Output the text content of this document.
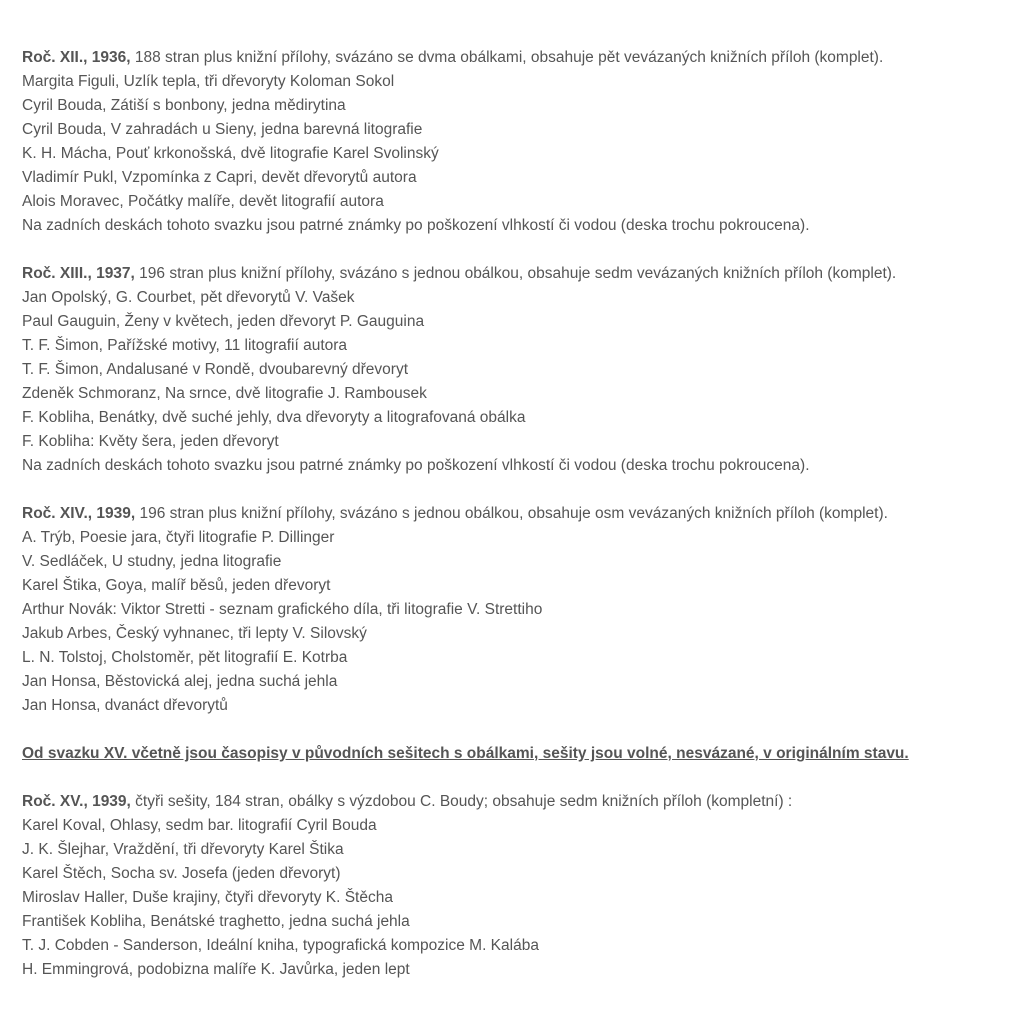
Roč. XII., 1936, 188 stran plus knižní přílohy, svázáno se dvma obálkami, obsahuje pět vevázaných knižních příloh (komplet).
Margita Figuli, Uzlík tepla, tři dřevoryty Koloman Sokol
Cyril Bouda, Zátiší s bonbony, jedna mědirytina
Cyril Bouda, V zahradách u Sieny, jedna barevná litografie
K. H. Mácha, Pouť krkonošská, dvě litografie Karel Svolinský
Vladimír Pukl, Vzpomínka z Capri, devět dřevorytů autora
Alois Moravec, Počátky malíře, devět litografií autora
Na zadních deskách tohoto svazku jsou patrné známky po poškození vlhkostí či vodou (deska trochu pokroucena).
Roč. XIII., 1937, 196 stran plus knižní přílohy, svázáno s jednou obálkou, obsahuje sedm vevázaných knižních příloh (komplet).
Jan Opolský, G. Courbet, pět dřevorytů V. Vašek
Paul Gauguin, Ženy v květech, jeden dřevoryt P. Gauguina
T. F. Šimon, Pařížské motivy, 11 litografií autora
T. F. Šimon, Andalusané v Rondě, dvoubarevný dřevoryt
Zdeněk Schmoranz, Na srnce, dvě litografie J. Rambousek
F. Kobliha, Benátky, dvě suché jehly, dva dřevoryty a litografovaná obálka
F. Kobliha: Květy šera, jeden dřevoryt
Na zadních deskách tohoto svazku jsou patrné známky po poškození vlhkostí či vodou (deska trochu pokroucena).
Roč. XIV., 1939, 196 stran plus knižní přílohy, svázáno s jednou obálkou, obsahuje osm vevázaných knižních příloh (komplet).
A. Trýb, Poesie jara, čtyři litografie P. Dillinger
V. Sedláček, U studny, jedna litografie
Karel Štika, Goya, malíř běsů, jeden dřevoryt
Arthur Novák: Viktor Stretti - seznam grafického díla, tři litografie V. Strettiho
Jakub Arbes, Český vyhnanec, tři lepty V. Silovský
L. N. Tolstoj, Cholstoměr, pět litografií E. Kotrba
Jan Honsa, Běstovická alej, jedna suchá jehla
Jan Honsa, dvanáct dřevorytů
Od svazku XV. včetně jsou časopisy v původních sešitech s obálkami, sešity jsou volné, nesvázané, v originálním stavu.
Roč. XV., 1939, čtyři sešity, 184 stran, obálky s výzdobou C. Boudy; obsahuje sedm knižních příloh (kompletní) :
Karel Koval, Ohlasy, sedm bar. litografií Cyril Bouda
J. K. Šlejhar, Vraždění, tři dřevoryty Karel Štika
Karel Štěch, Socha sv. Josefa (jeden dřevoryt)
Miroslav Haller, Duše krajiny, čtyři dřevoryty K. Štěcha
František Kobliha, Benátské traghetto, jedna suchá jehla
T. J. Cobden - Sanderson, Ideální kniha, typografická kompozice M. Kalába
H. Emmingrová, podobizna malíře K. Javůrka, jeden lept
